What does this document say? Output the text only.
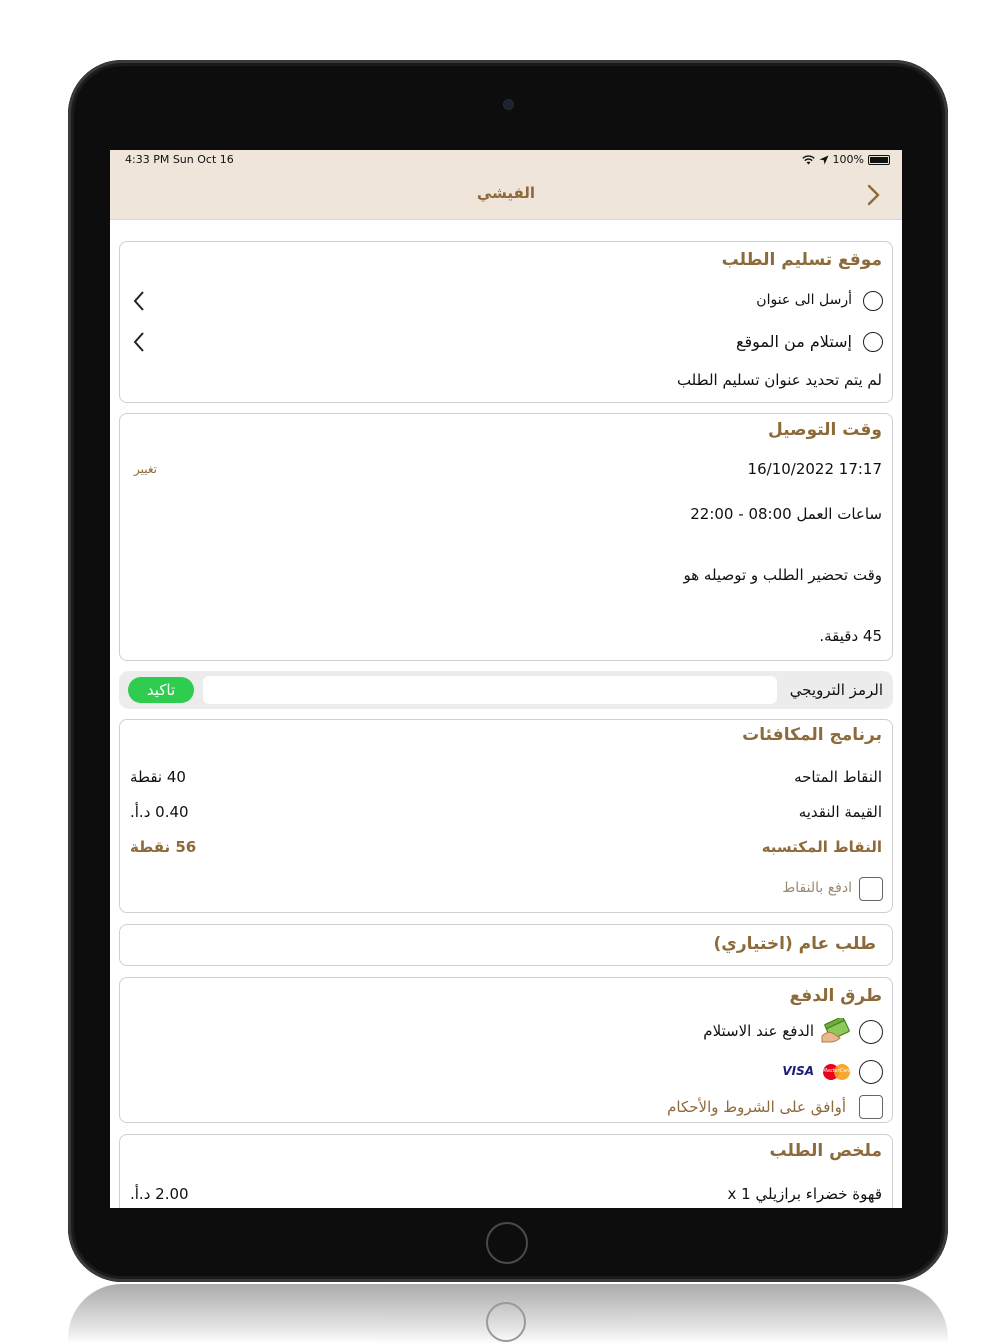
4:33 PM Sun Oct 16	100%
الفيشي
موقع تسليم الطلب
أرسل الى عنوان
إستلام من الموقع
لم يتم تحديد عنوان تسليم الطلب
وقت التوصيل
16/10/2022 17:17
تغيير
ساعات العمل 08:00 - 22:00
وقت تحضير الطلب و توصيله هو
45 دقيقة.
الرمز الترويجي
تاكيد
برنامج المكافئات
النقاط المتاحه
40 نقطة
القيمة النقديه
0.40 د.أ.
النقاط المكتسبه
56 نقطة
ادفع بالنقاط
طلب عام (اختياري)
طرق الدفع
الدفع عند الاستلام
MasterCard
VISA
أوافق على الشروط والأحكام
ملخص الطلب
قهوة خضراء برازيلي x 1
2.00 د.أ.
